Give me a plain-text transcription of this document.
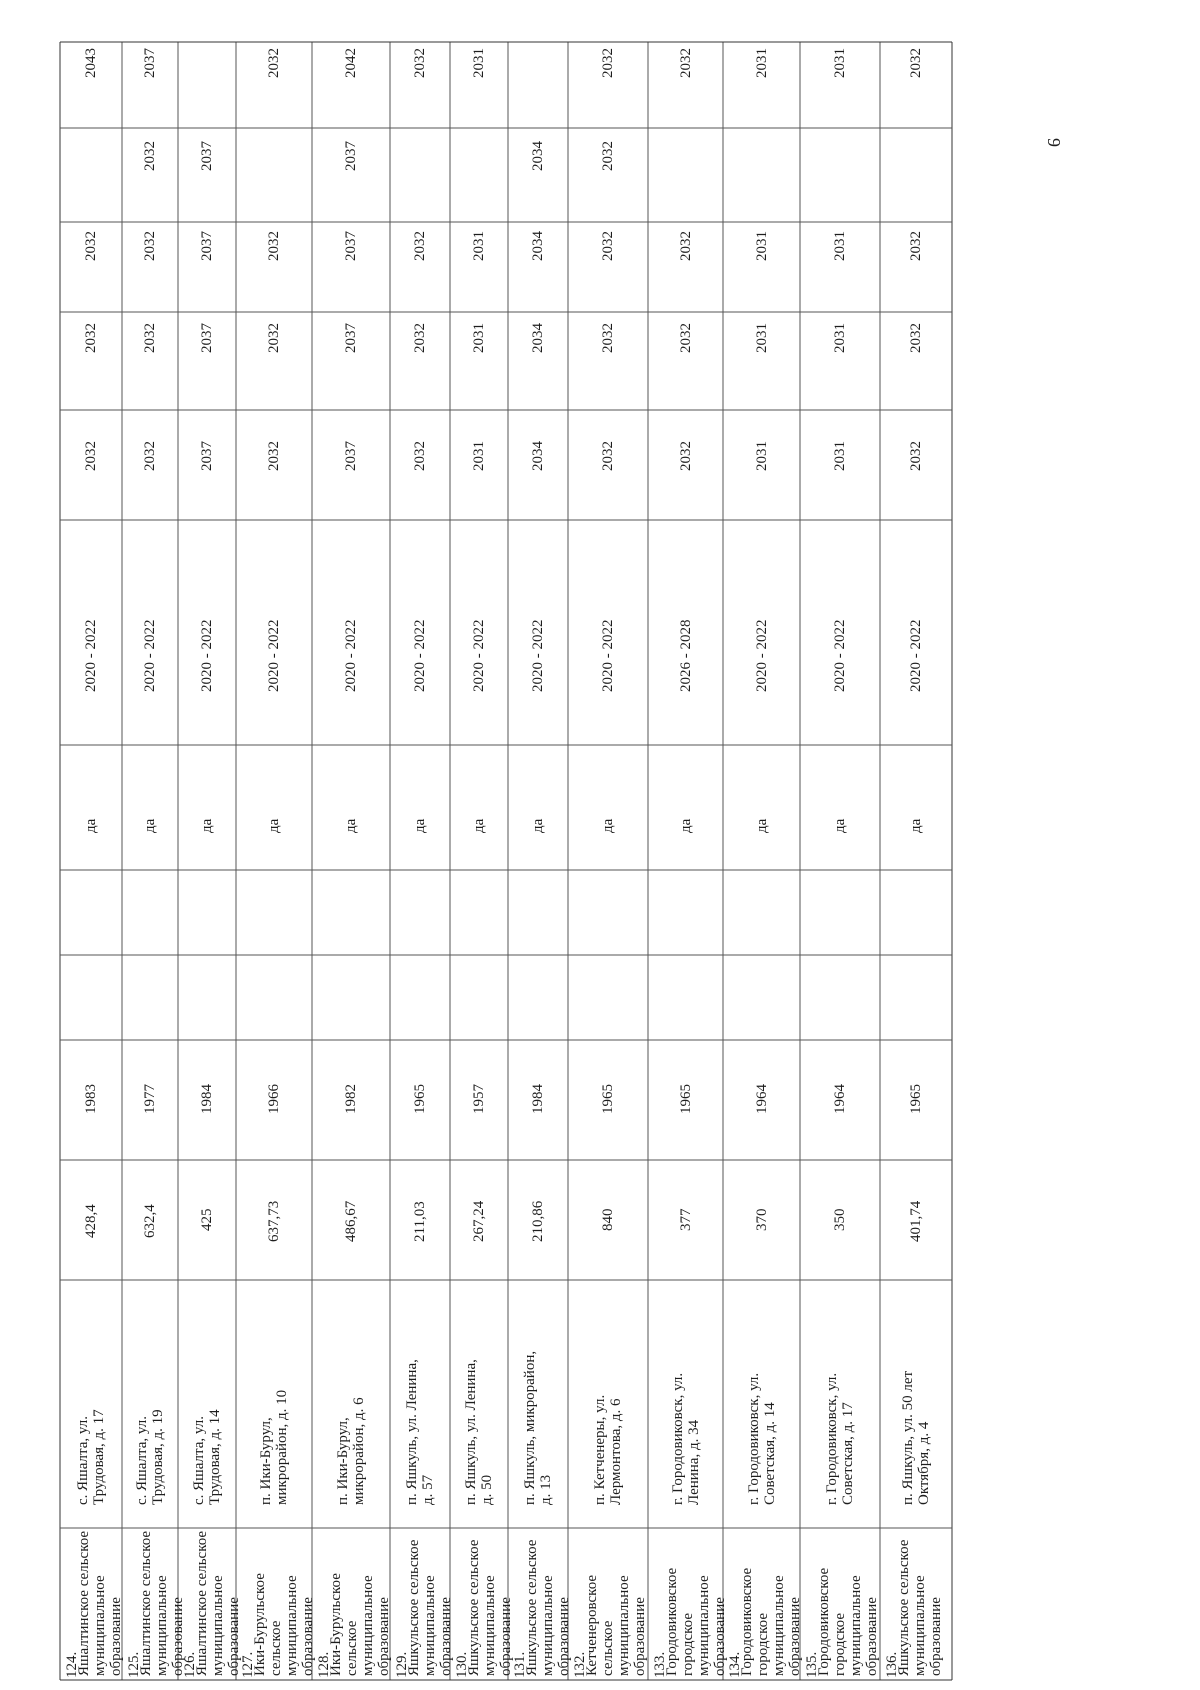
124.
Яшалтинское сельское муниципальное образование
с. Яшалта, ул. Трудовая, д. 17
428,4
1983
да
2020 - 2022
2032
2032
2032
2043
125.
Яшалтинское сельское муниципальное образование
с. Яшалта, ул. Трудовая, д. 19
632,4
1977
да
2020 - 2022
2032
2032
2032
2032
2037
126.
Яшалтинское сельское муниципальное образование
с. Яшалта, ул. Трудовая, д. 14
425
1984
да
2020 - 2022
2037
2037
2037
2037
127.
Ики-Бурульское сельское муниципальное образование
п. Ики-Бурул, микрорайон, д. 10
637,73
1966
да
2020 - 2022
2032
2032
2032
2032
128.
Ики-Бурульское сельское муниципальное образование
п. Ики-Бурул, микрорайон, д. 6
486,67
1982
да
2020 - 2022
2037
2037
2037
2037
2042
129.
Яшкульское сельское муниципальное образование
п. Яшкуль, ул. Ленина, д. 57
211,03
1965
да
2020 - 2022
2032
2032
2032
2032
130.
Яшкульское сельское муниципальное образование
п. Яшкуль, ул. Ленина, д. 50
267,24
1957
да
2020 - 2022
2031
2031
2031
2031
131.
Яшкульское сельское муниципальное образование
п. Яшкуль, микрорайон, д. 13
210,86
1984
да
2020 - 2022
2034
2034
2034
2034
132.
Кетченеровское сельское муниципальное образование
п. Кетченеры, ул. Лермонтова, д. 6
840
1965
да
2020 - 2022
2032
2032
2032
2032
2032
133.
Городовиковское городское муниципальное образование
г. Городовиковск, ул. Ленина, д. 34
377
1965
да
2026 - 2028
2032
2032
2032
2032
134.
Городовиковское городское муниципальное образование
г. Городовиковск, ул. Советская, д. 14
370
1964
да
2020 - 2022
2031
2031
2031
2031
135.
Городовиковское городское муниципальное образование
г. Городовиковск, ул. Советская, д. 17
350
1964
да
2020 - 2022
2031
2031
2031
2031
136.
Яшкульское сельское муниципальное образование
п. Яшкуль, ул. 50 лет Октября, д. 4
401,74
1965
да
2020 - 2022
2032
2032
2032
2032
9
